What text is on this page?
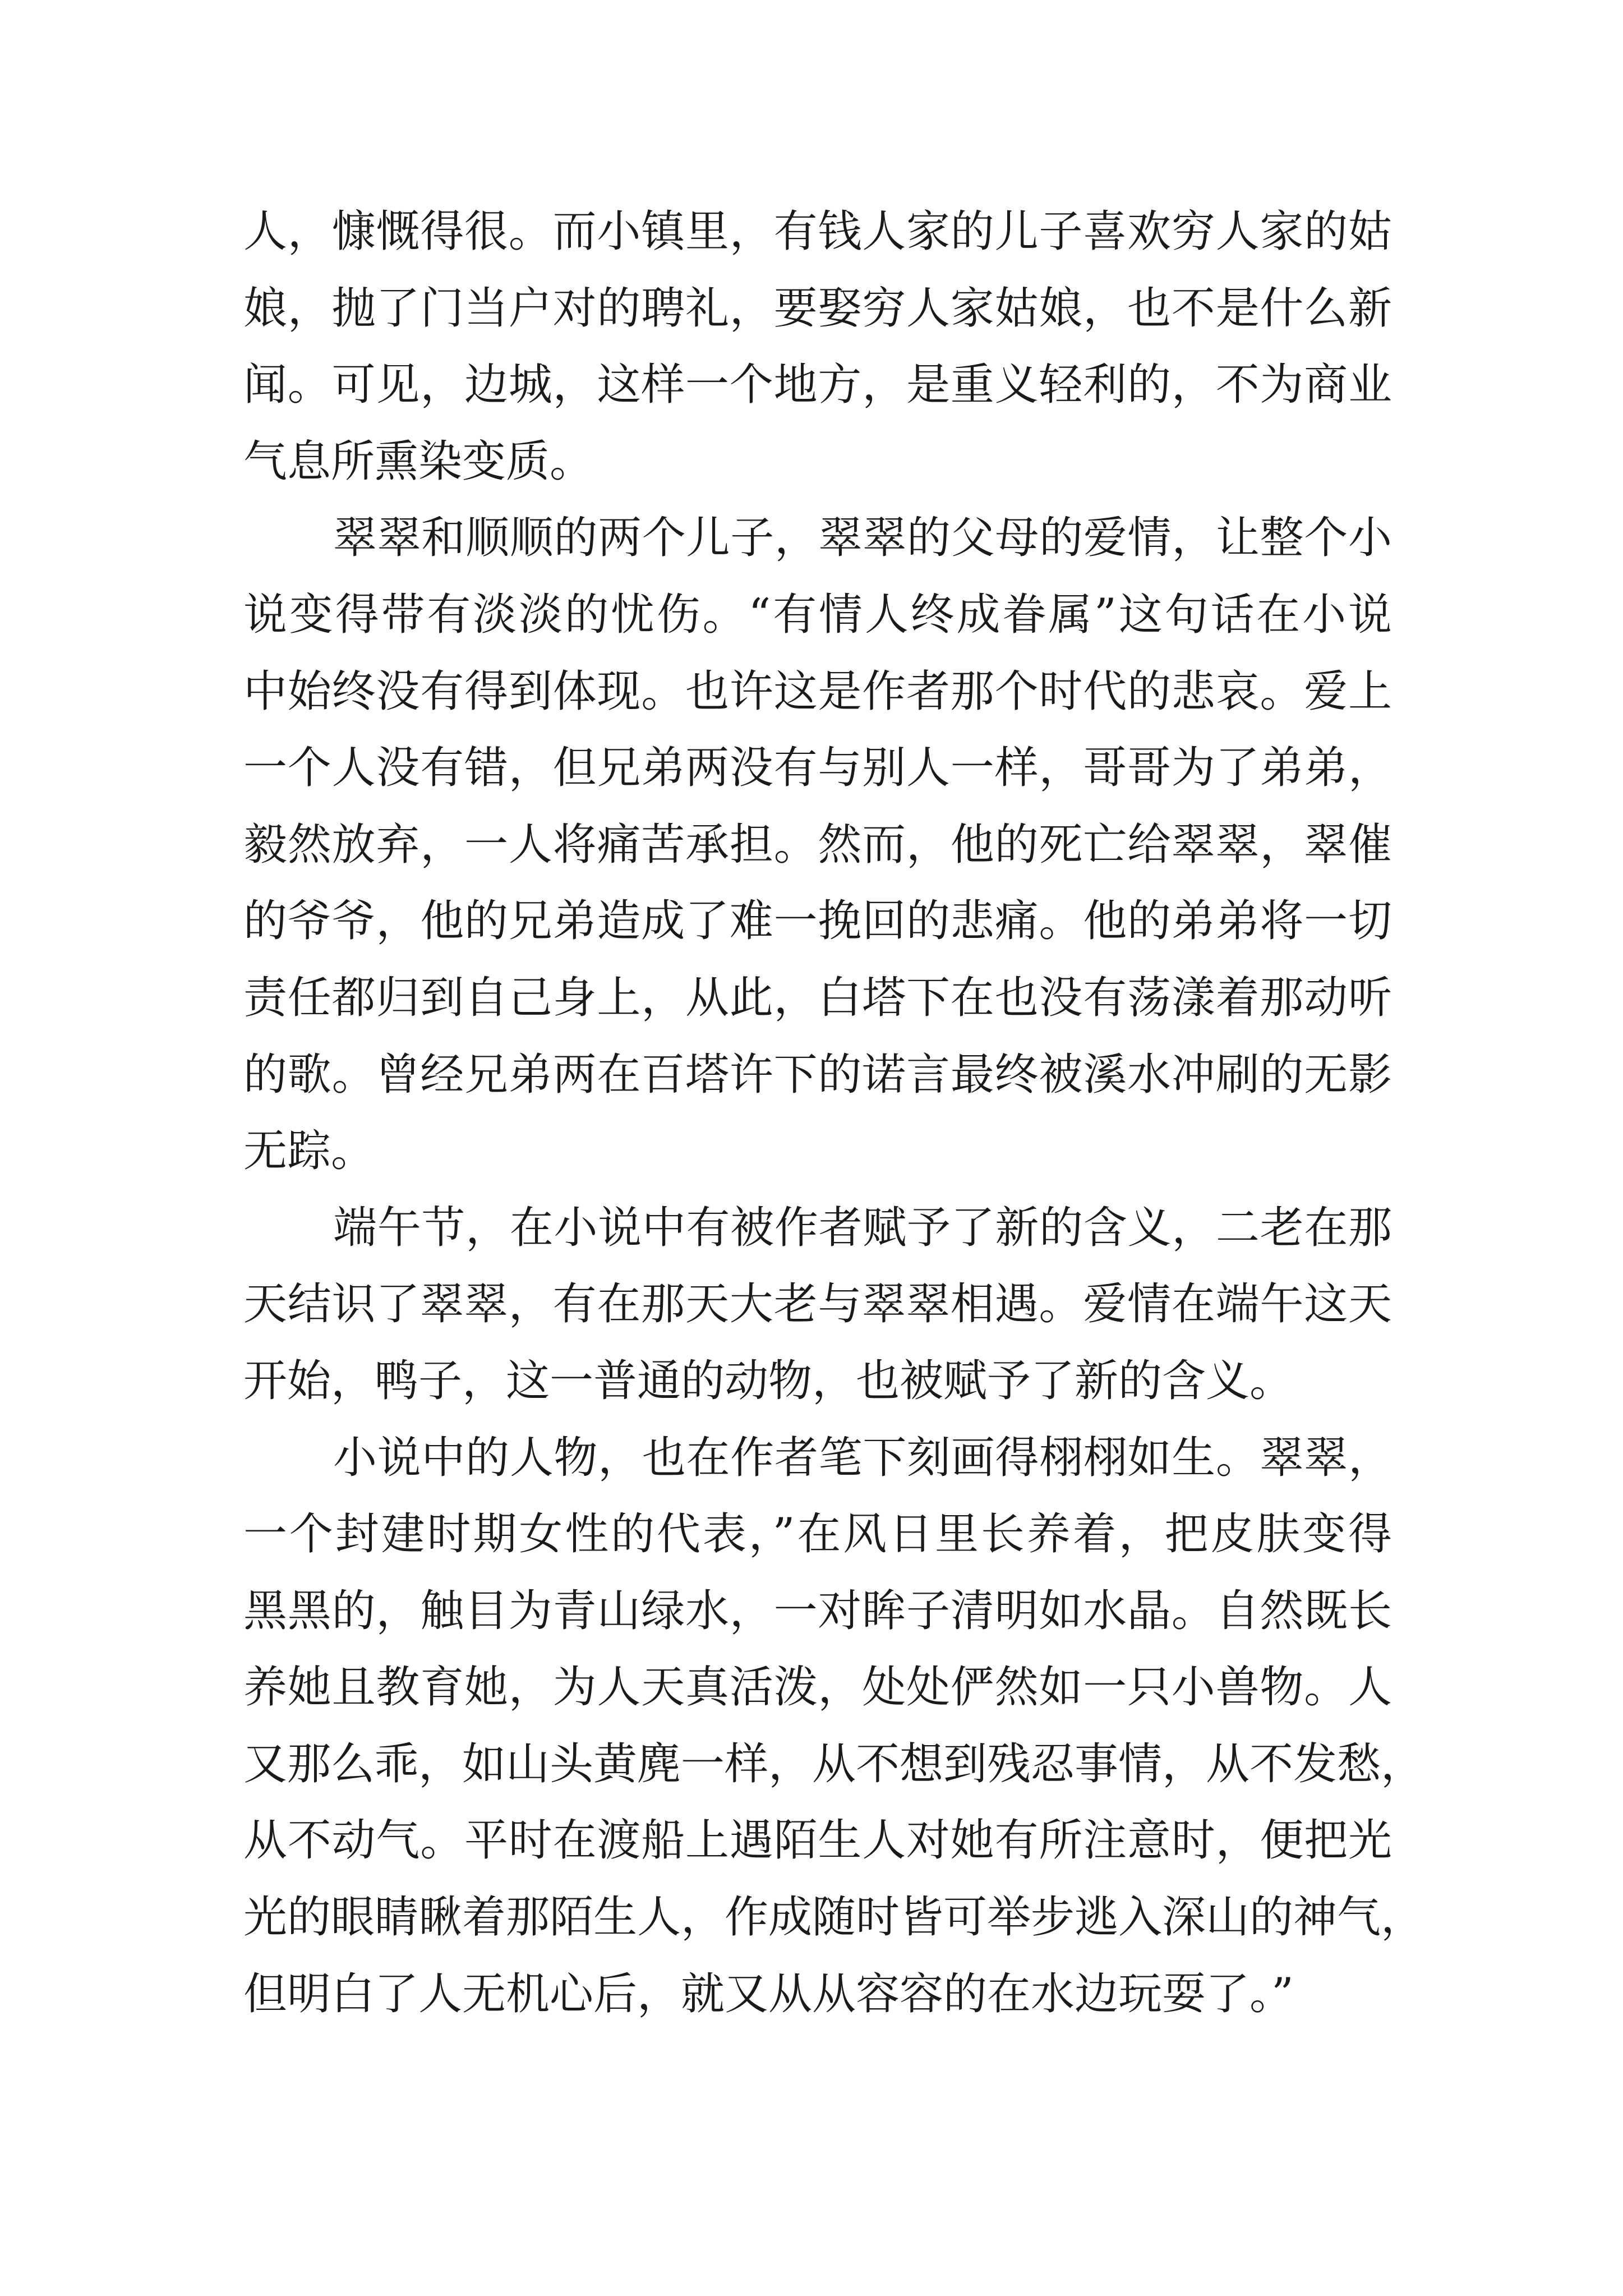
人，慷慨得很。而小镇里，有钱人家的儿子喜欢穷人家的姑
娘，抛了门当户对的聘礼，要娶穷人家姑娘，也不是什么新
闻。可见，边城，这样一个地方，是重义轻利的，不为商业
气息所熏染变质。
翠翠和顺顺的两个儿子，翠翠的父母的爱情，让整个小
说变得带有淡淡的忧伤。“有情人终成眷属”这句话在小说
中始终没有得到体现。也许这是作者那个时代的悲哀。爱上
一个人没有错，但兄弟两没有与别人一样，哥哥为了弟弟，
毅然放弃，一人将痛苦承担。然而，他的死亡给翠翠，翠催
的爷爷，他的兄弟造成了难一挽回的悲痛。他的弟弟将一切
责任都归到自己身上，从此，白塔下在也没有荡漾着那动听
的歌。曾经兄弟两在百塔许下的诺言最终被溪水冲刷的无影
无踪。
端午节，在小说中有被作者赋予了新的含义，二老在那
天结识了翠翠，有在那天大老与翠翠相遇。爱情在端午这天
开始，鸭子，这一普通的动物，也被赋予了新的含义。
小说中的人物，也在作者笔下刻画得栩栩如生。翠翠，
一个封建时期女性的代表，”在风日里长养着，把皮肤变得
黑黑的，触目为青山绿水，一对眸子清明如水晶。自然既长
养她且教育她，为人天真活泼，处处俨然如一只小兽物。人
又那么乖，如山头黄麂一样，从不想到残忍事情，从不发愁，
从不动气。平时在渡船上遇陌生人对她有所注意时，便把光
光的眼睛瞅着那陌生人，作成随时皆可举步逃入深山的神气，
但明白了人无机心后，就又从从容容的在水边玩耍了。”
